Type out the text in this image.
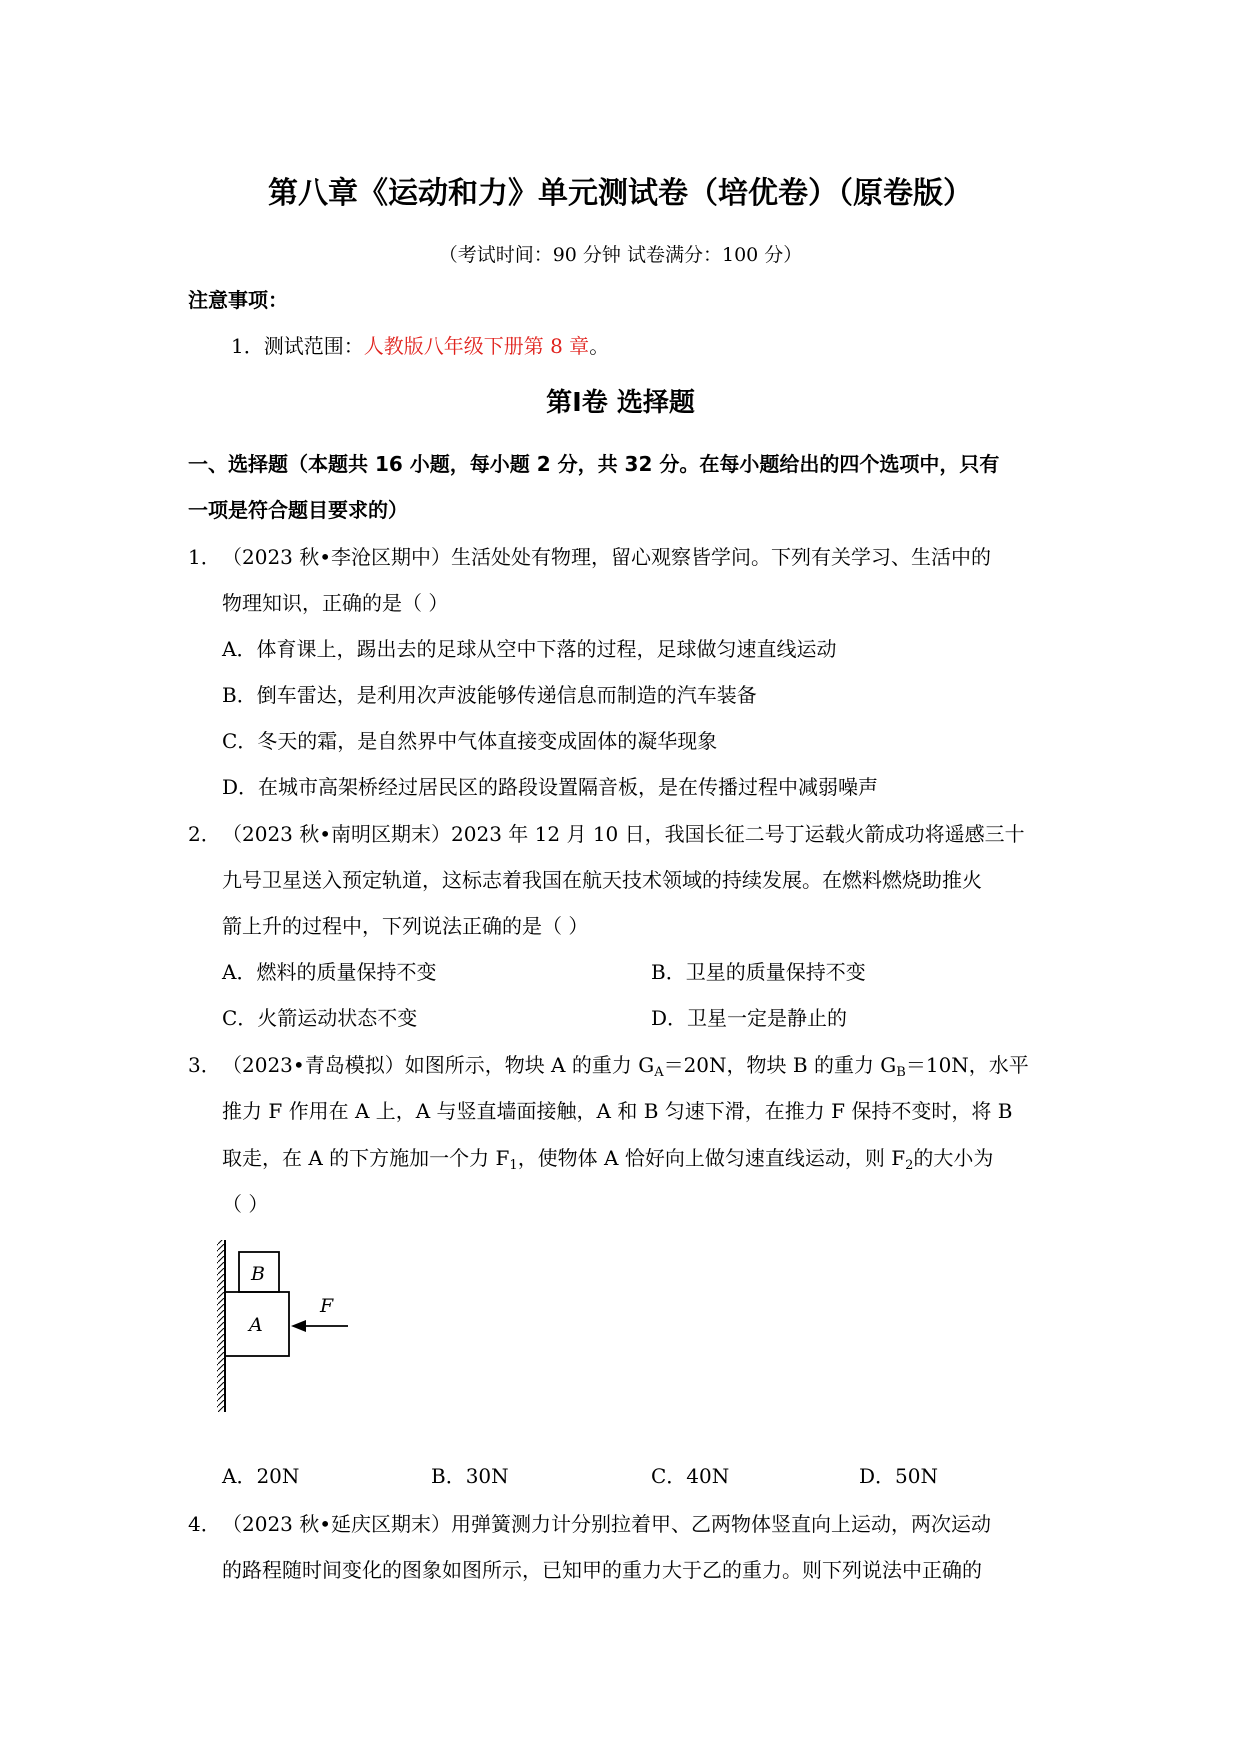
第八章《运动和力》单元测试卷（培优卷）（原卷版）
（考试时间：90 分钟 试卷满分：100 分）
注意事项：
1．测试范围：人教版八年级下册第 8 章。
第Ⅰ卷 选择题
一、选择题（本题共 16 小题，每小题 2 分，共 32 分。在每小题给出的四个选项中，只有
一项是符合题目要求的）
1．（2023 秋•李沧区期中）生活处处有物理，留心观察皆学问。下列有关学习、生活中的
物理知识，正确的是（ ）
A．体育课上，踢出去的足球从空中下落的过程，足球做匀速直线运动
B．倒车雷达，是利用次声波能够传递信息而制造的汽车装备
C．冬天的霜，是自然界中气体直接变成固体的凝华现象
D．在城市高架桥经过居民区的路段设置隔音板，是在传播过程中减弱噪声
2．（2023 秋•南明区期末）2023 年 12 月 10 日，我国长征二号丁运载火箭成功将遥感三十
九号卫星送入预定轨道，这标志着我国在航天技术领域的持续发展。在燃料燃烧助推火
箭上升的过程中，下列说法正确的是（ ）
A．燃料的质量保持不变	B．卫星的质量保持不变
C．火箭运动状态不变	D．卫星一定是静止的
3．（2023•青岛模拟）如图所示，物块 A 的重力 $G_A=20N$，物块 B 的重力 $G_B=10N$，水平
推力 F 作用在 A 上，A 与竖直墙面接触，A 和 B 匀速下滑，在推力 F 保持不变时，将 B
取走，在 A 的下方施加一个力 $F_1$，使物体 A 恰好向上做匀速直线运动，则 $F_2$的大小为
（ ）
B
A
F
A．20N	B．30N	C．40N	D．50N
4．（2023 秋•延庆区期末）用弹簧测力计分别拉着甲、乙两物体竖直向上运动，两次运动
的路程随时间变化的图象如图所示，已知甲的重力大于乙的重力。则下列说法中正确的
